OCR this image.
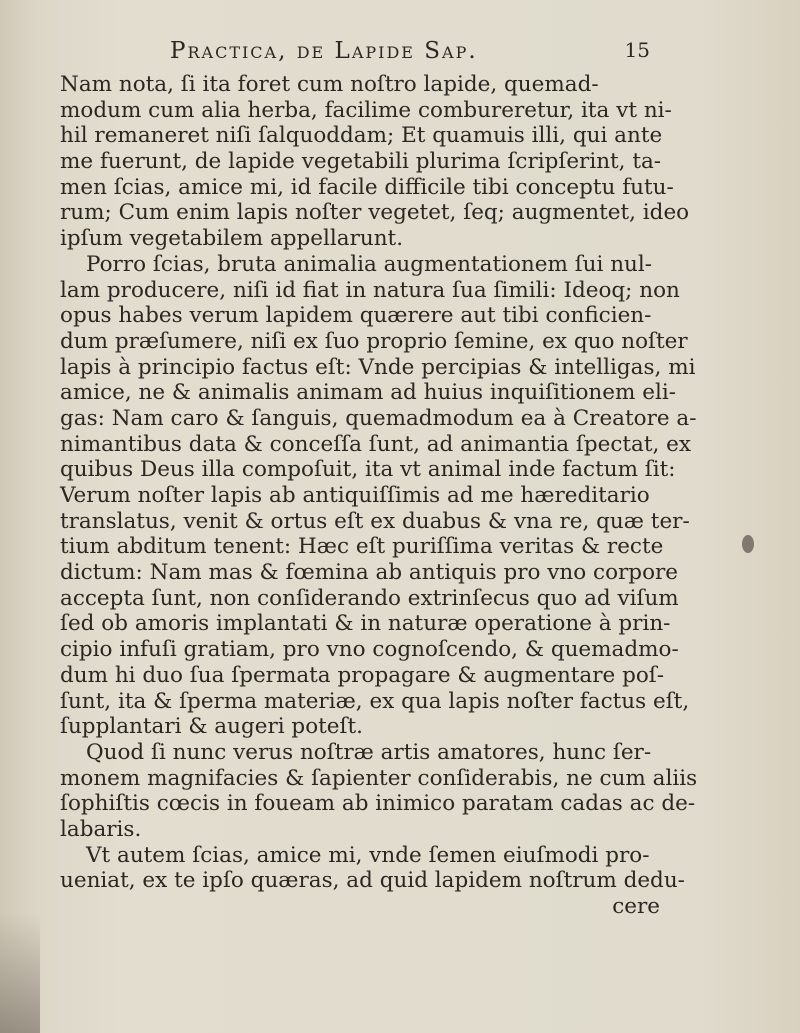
Practica, de Lapide Sap.	15
Nam nota, ſi ita foret cum noſtro lapide, quemad-
modum cum alia herba, facilime combureretur, ita vt ni-
hil remaneret niſi ſalquoddam; Et quamuis illi, qui ante
me fuerunt, de lapide vegetabili plurima ſcripſerint, ta-
men ſcias, amice mi, id facile difficile tibi conceptu futu-
rum; Cum enim lapis noſter vegetet, ſeq; augmentet, ideo
ipſum vegetabilem appellarunt.
Porro ſcias, bruta animalia augmentationem ſui nul-
lam producere, niſi id fiat in natura ſua ſimili: Ideoq; non
opus habes verum lapidem quærere aut tibi conficien-
dum præſumere, niſi ex ſuo proprio ſemine, ex quo noſter
lapis à principio factus eſt: Vnde percipias & intelligas, mi
amice, ne & animalis animam ad huius inquiſitionem eli-
gas: Nam caro & ſanguis, quemadmodum ea à Creatore a-
nimantibus data & conceſſa ſunt, ad animantia ſpectat, ex
quibus Deus illa compoſuit, ita vt animal inde factum ſit:
Verum noſter lapis ab antiquiſſimis ad me hæreditario
translatus, venit & ortus eſt ex duabus & vna re, quæ ter-
tium abditum tenent: Hæc eſt puriſſima veritas & recte
dictum: Nam mas & fœmina ab antiquis pro vno corpore
accepta ſunt, non conſiderando extrinſecus quo ad viſum
ſed ob amoris implantati & in naturæ operatione à prin-
cipio infuſi gratiam, pro vno cognoſcendo, & quemadmo-
dum hi duo ſua ſpermata propagare & augmentare poſ-
ſunt, ita & ſperma materiæ, ex qua lapis noſter factus eſt,
ſupplantari & augeri poteſt.
Quod ſi nunc verus noſtræ artis amatores, hunc ſer-
monem magnifacies & ſapienter conſiderabis, ne cum aliis
ſophiſtis cœcis in foueam ab inimico paratam cadas ac de-
labaris.
Vt autem ſcias, amice mi, vnde ſemen eiuſmodi pro-
ueniat, ex te ipſo quæras, ad quid lapidem noſtrum dedu-
cere
